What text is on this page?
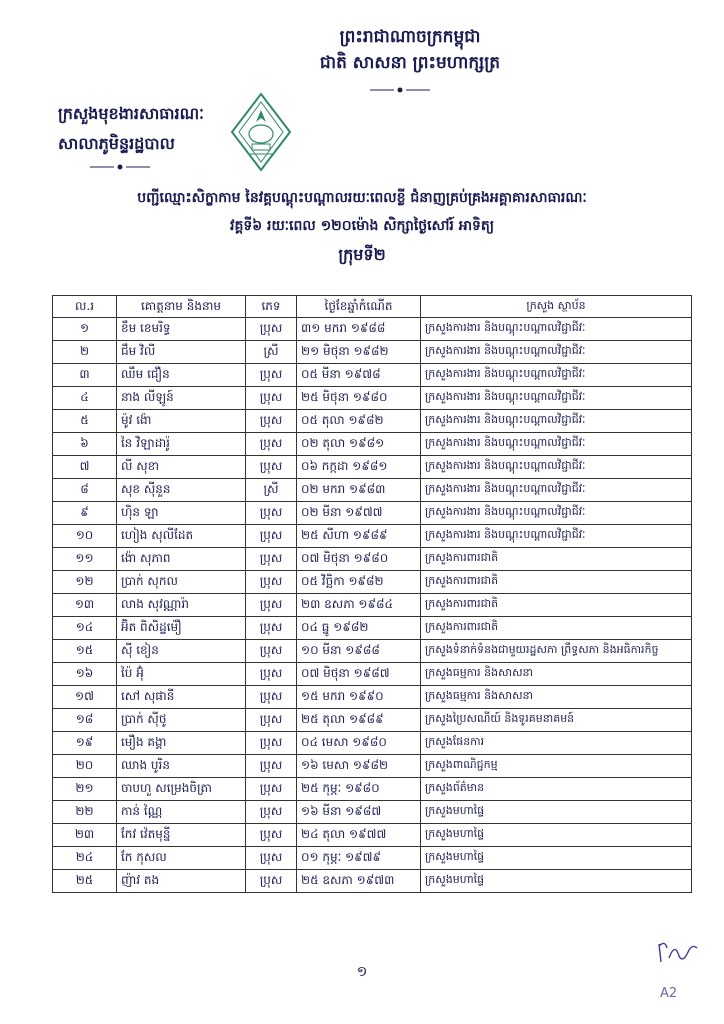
ព្រះរាជាណាចក្រកម្ពុជា
ជាតិ សាសនា ព្រះមហាក្សត្រ
ក្រសួងមុខងារសាធារណៈ
សាលាភូមិន្ទរដ្ឋបាល
បញ្ជីឈ្មោះសិក្ខាកាម នៃវគ្គបណ្តុះបណ្តាលរយៈពេលខ្លី ជំនាញគ្រប់គ្រងអគ្គាគារសាធារណៈ
វគ្គទី៦ រយៈពេល ១២០ម៉ោង សិក្សាថ្ងៃសៅរ៍ អាទិត្យ
ក្រុមទី២
ល.រ	គោត្តនាម និងនាម	ភេទ	ថ្ងៃខែឆ្នាំកំណើត	ក្រសួង ស្ថាប័ន
១	ខឹម ខេមរិទ្ធ	ប្រុស	៣១ មករា ១៩៨៨	ក្រសួងការងារ និងបណ្តុះបណ្តាលវិជ្ជាជីវៈ
២	ជឹម វិលី	ស្រី	២១ មិថុនា ១៩៨២	ក្រសួងការងារ និងបណ្តុះបណ្តាលវិជ្ជាជីវៈ
៣	ឈឹម ជឿន	ប្រុស	០៥ មីនា ១៩៧៨	ក្រសួងការងារ និងបណ្តុះបណ្តាលវិជ្ជាជីវៈ
៤	នាង លីឡូន៍	ប្រុស	២៥ មិថុនា ១៩៨០	ក្រសួងការងារ និងបណ្តុះបណ្តាលវិជ្ជាជីវៈ
៥	ម៉ូវ ង៉ោ	ប្រុស	០៥ តុលា ១៩៨២	ក្រសួងការងារ និងបណ្តុះបណ្តាលវិជ្ជាជីវៈ
៦	នៃ វិឡាដារ៉ូ	ប្រុស	០២ តុលា ១៩៨១	ក្រសួងការងារ និងបណ្តុះបណ្តាលវិជ្ជាជីវៈ
៧	លី សុខា	ប្រុស	០៦ កក្កដា ១៩៨១	ក្រសួងការងារ និងបណ្តុះបណ្តាលវិជ្ជាជីវៈ
៨	សុខ ស៊ីនួន	ស្រី	០២ មករា ១៩៨៣	ក្រសួងការងារ និងបណ្តុះបណ្តាលវិជ្ជាជីវៈ
៩	ហ៊ិន ឡា	ប្រុស	០២ មីនា ១៩៧៧	ក្រសួងការងារ និងបណ្តុះបណ្តាលវិជ្ជាជីវៈ
១០	ហៀង សុលីដែត	ប្រុស	២៥ សីហា ១៩៨៩	ក្រសួងការងារ និងបណ្តុះបណ្តាលវិជ្ជាជីវៈ
១១	ង៉ោ សុភាព	ប្រុស	០៧ មិថុនា ១៩៨០	ក្រសួងការពារជាតិ
១២	ប្រាក់ សុកល	ប្រុស	០៥ វិច្ឆិកា ១៩៨២	ក្រសួងការពារជាតិ
១៣	លាង សុវណ្ណារ៉ា	ប្រុស	២៣ ឧសភា ១៩៨៤	ក្រសួងការពារជាតិ
១៤	អ៊ិត ពិសិដ្ឋម៉ឿ	ប្រុស	០៤ ធ្នូ ១៩៨២	ក្រសួងការពារជាតិ
១៥	ស៊ី ខៀន	ប្រុស	១០ មីនា ១៩៨៨	ក្រសួងទំនាក់ទំនងជាមួយរដ្ឋសភា ព្រឹទ្ធសភា និងអធិការកិច្ច
១៦	ប៉ៃ អ៊ុំ	ប្រុស	០៧ មិថុនា ១៩៨៧	ក្រសួងធម្មការ និងសាសនា
១៧	សៅ សុផានី	ប្រុស	១៥ មករា ១៩៩០	ក្រសួងធម្មការ និងសាសនា
១៨	ប្រាក់ ស៊ីថូ	ប្រុស	២៥ តុលា ១៩៨៩	ក្រសួងប្រៃសណីយ៍ និងទូរគមនាគមន៍
១៩	មឿង គង្គា	ប្រុស	០៤ មេសា ១៩៨០	ក្រសួងផែនការ
២០	ឈាង បូរិន	ប្រុស	១៦ មេសា ១៩៨២	ក្រសួងពាណិជ្ជកម្ម
២១	ចាបហួ សម្រេងចិត្រា	ប្រុស	២៥ កុម្ភៈ ១៩៨០	ក្រសួងព័ត៌មាន
២២	កាន់ ណ្ណៃ	ប្រុស	១៦ មីនា ១៩៨៧	ក្រសួងមហាផ្ទៃ
២៣	កែវ វ៉េតមុន្នី	ប្រុស	២៤ តុលា ១៩៧៧	ក្រសួងមហាផ្ទៃ
២៤	កែ កុសល	ប្រុស	០១ កុម្ភៈ ១៩៧៩	ក្រសួងមហាផ្ទៃ
២៥	ញ៉ាវ តង	ប្រុស	២៥ ឧសភា ១៩៧៣	ក្រសួងមហាផ្ទៃ
១
A2
